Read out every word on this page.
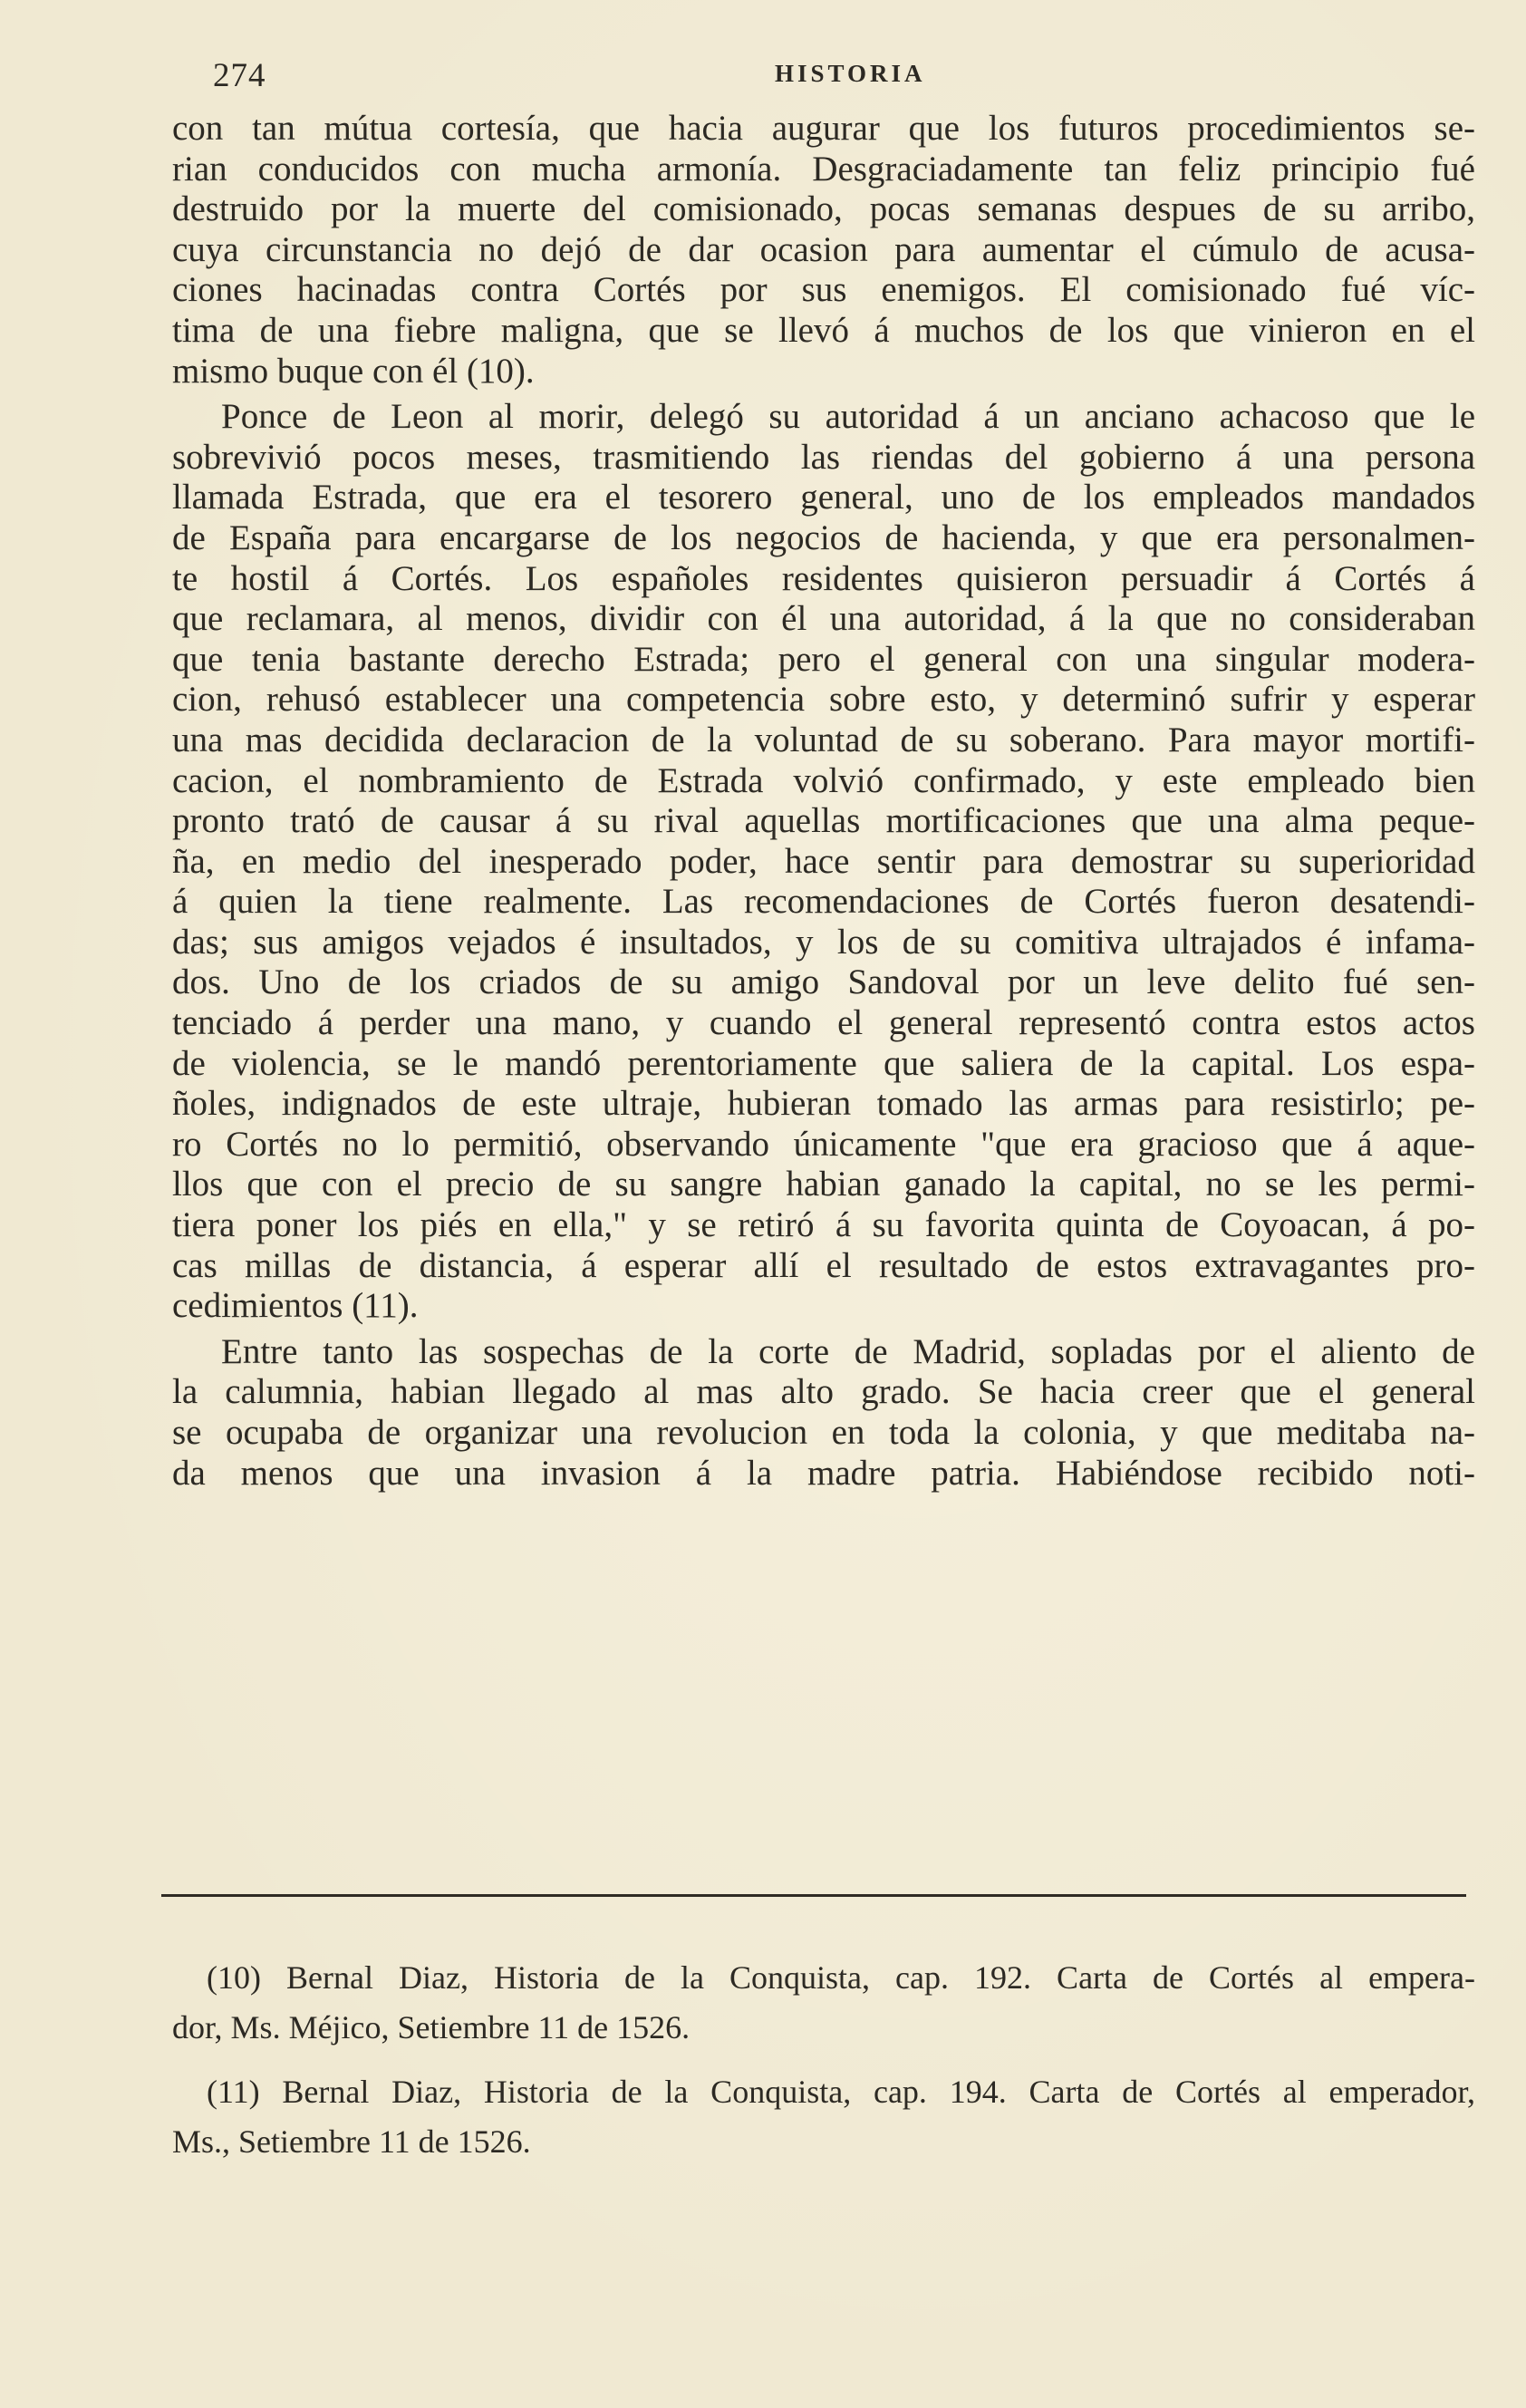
274	HISTORIA
con tan mútua cortesía, que hacia augurar que los futuros procedimientos se-
rian conducidos con mucha armonía. Desgraciadamente tan feliz principio fué
destruido por la muerte del comisionado, pocas semanas despues de su arribo,
cuya circunstancia no dejó de dar ocasion para aumentar el cúmulo de acusa-
ciones hacinadas contra Cortés por sus enemigos. El comisionado fué víc-
tima de una fiebre maligna, que se llevó á muchos de los que vinieron en el
mismo buque con él (10).
Ponce de Leon al morir, delegó su autoridad á un anciano achacoso que le
sobrevivió pocos meses, trasmitiendo las riendas del gobierno á una persona
llamada Estrada, que era el tesorero general, uno de los empleados mandados
de España para encargarse de los negocios de hacienda, y que era personalmen-
te hostil á Cortés. Los españoles residentes quisieron persuadir á Cortés á
que reclamara, al menos, dividir con él una autoridad, á la que no consideraban
que tenia bastante derecho Estrada; pero el general con una singular modera-
cion, rehusó establecer una competencia sobre esto, y determinó sufrir y esperar
una mas decidida declaracion de la voluntad de su soberano. Para mayor mortifi-
cacion, el nombramiento de Estrada volvió confirmado, y este empleado bien
pronto trató de causar á su rival aquellas mortificaciones que una alma peque-
ña, en medio del inesperado poder, hace sentir para demostrar su superioridad
á quien la tiene realmente. Las recomendaciones de Cortés fueron desatendi-
das; sus amigos vejados é insultados, y los de su comitiva ultrajados é infama-
dos. Uno de los criados de su amigo Sandoval por un leve delito fué sen-
tenciado á perder una mano, y cuando el general representó contra estos actos
de violencia, se le mandó perentoriamente que saliera de la capital. Los espa-
ñoles, indignados de este ultraje, hubieran tomado las armas para resistirlo; pe-
ro Cortés no lo permitió, observando únicamente "que era gracioso que á aque-
llos que con el precio de su sangre habian ganado la capital, no se les permi-
tiera poner los piés en ella," y se retiró á su favorita quinta de Coyoacan, á po-
cas millas de distancia, á esperar allí el resultado de estos extravagantes pro-
cedimientos (11).
Entre tanto las sospechas de la corte de Madrid, sopladas por el aliento de
la calumnia, habian llegado al mas alto grado. Se hacia creer que el general
se ocupaba de organizar una revolucion en toda la colonia, y que meditaba na-
da menos que una invasion á la madre patria. Habiéndose recibido noti-
(10) Bernal Diaz, Historia de la Conquista, cap. 192. Carta de Cortés al empera-
dor, Ms. Méjico, Setiembre 11 de 1526.
(11) Bernal Diaz, Historia de la Conquista, cap. 194. Carta de Cortés al emperador,
Ms., Setiembre 11 de 1526.
